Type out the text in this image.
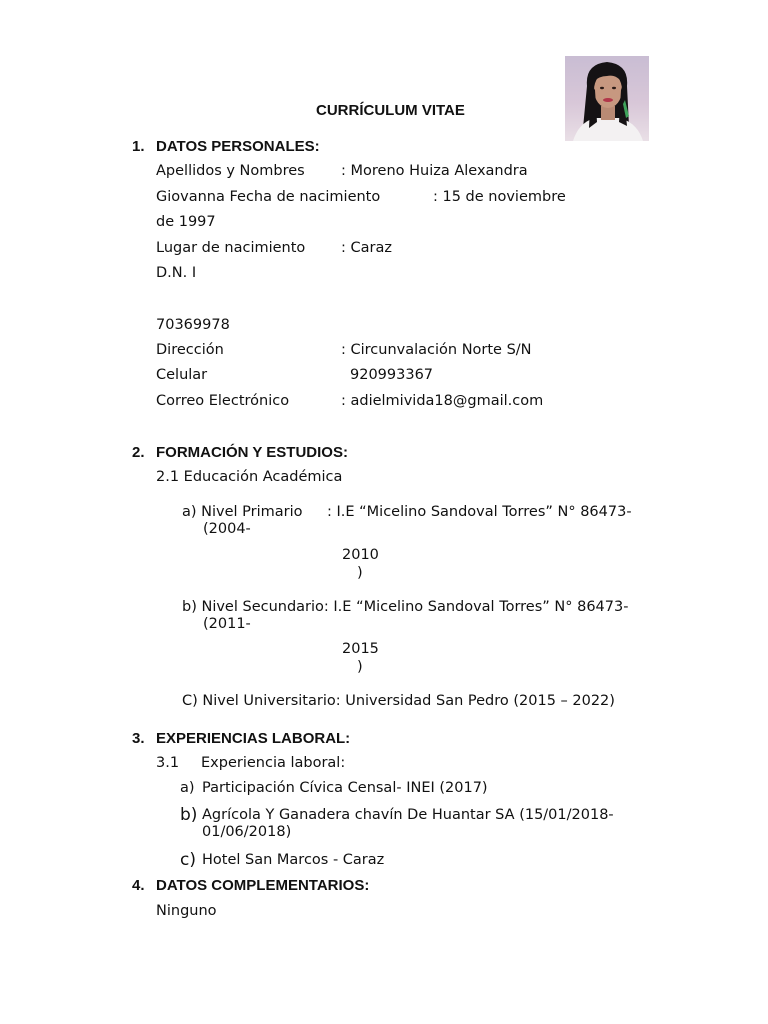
CURRÍCULUM VITAE
1. DATOS PERSONALES:
Apellidos y Nombres	: Moreno Huiza Alexandra
Giovanna Fecha de nacimiento	: 15 de noviembre
de 1997
Lugar de nacimiento : Caraz
D.N. I
70369978
Dirección	: Circunvalación Norte S/N
Celular	920993367
Correo Electrónico	: adielmivida18@gmail.com
2. FORMACIÓN Y ESTUDIOS:
2.1 Educación Académica
a) Nivel Primario : I.E “Micelino Sandoval Torres” N° 86473-
(2004-
2010
)
b) Nivel Secundario: I.E “Micelino Sandoval Torres” N° 86473-
(2011-
2015
)
C) Nivel Universitario: Universidad San Pedro (2015 – 2022)
3. EXPERIENCIAS LABORAL:
3.1 Experiencia laboral:
a) Participación Cívica Censal- INEI (2017)
b) Agrícola Y Ganadera chavín De Huantar SA (15/01/2018-
01/06/2018)
c) Hotel San Marcos - Caraz
4. DATOS COMPLEMENTARIOS:
Ninguno
